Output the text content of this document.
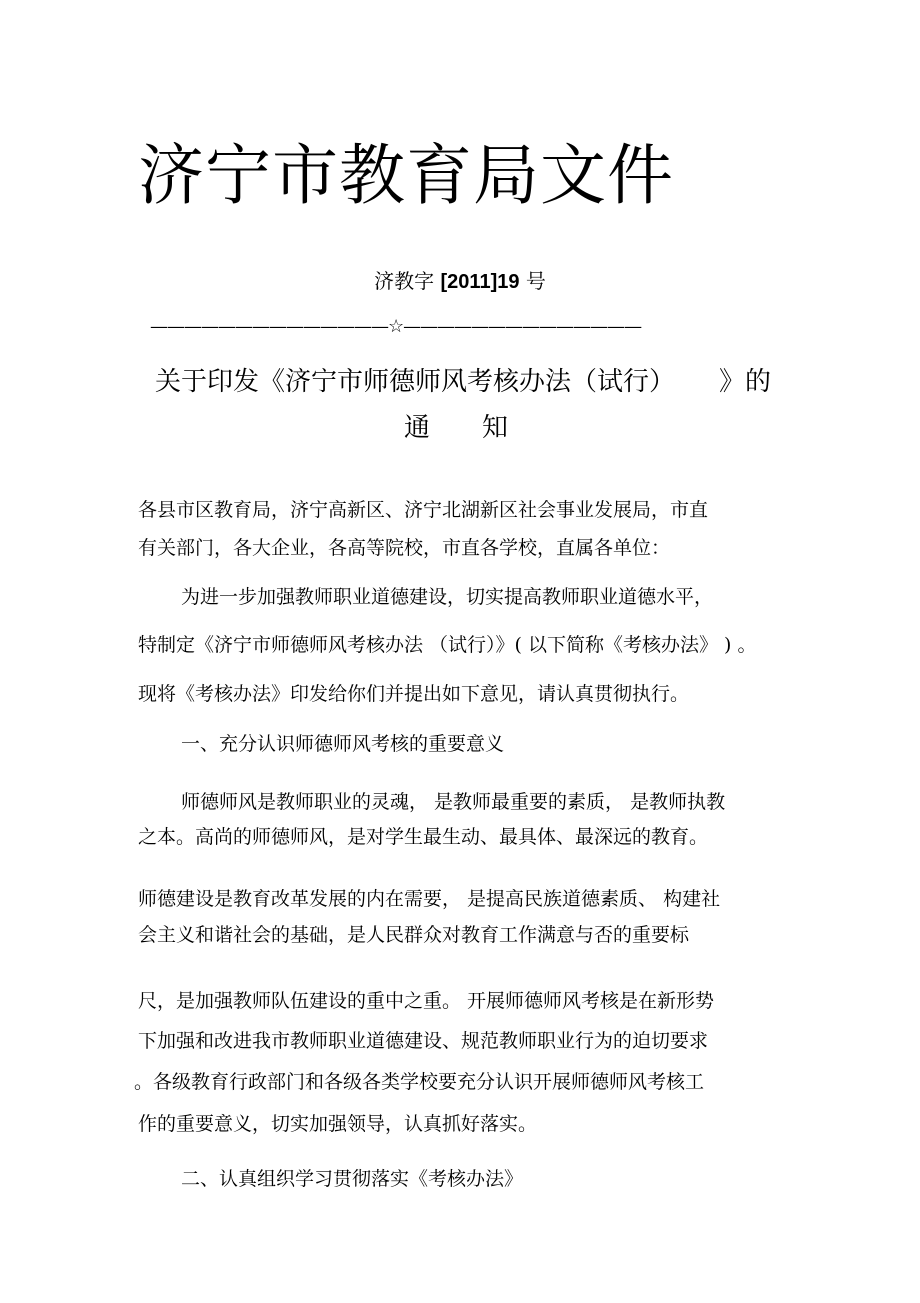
济宁市教育局文件
济教字 [2011]19 号
——————————————☆——————————————
关于印发《济宁市师德师风考核办法（试行） 》的
通知
各县市区教育局，济宁高新区、济宁北湖新区社会事业发展局，市直
有关部门，各大企业，各高等院校，市直各学校，直属各单位：
为进一步加强教师职业道德建设，切实提高教师职业道德水平，
特制定《济宁市师德师风考核办法 （试行）》( 以下简称《考核办法》 ) 。
现将《考核办法》印发给你们并提出如下意见，请认真贯彻执行。
一、充分认识师德师风考核的重要意义
师德师风是教师职业的灵魂， 是教师最重要的素质， 是教师执教
之本。高尚的师德师风，是对学生最生动、最具体、最深远的教育。
师德建设是教育改革发展的内在需要， 是提高民族道德素质、 构建社
会主义和谐社会的基础，是人民群众对教育工作满意与否的重要标
尺，是加强教师队伍建设的重中之重。 开展师德师风考核是在新形势
下加强和改进我市教师职业道德建设、规范教师职业行为的迫切要求
。各级教育行政部门和各级各类学校要充分认识开展师德师风考核工
作的重要意义，切实加强领导，认真抓好落实。
二、认真组织学习贯彻落实《考核办法》
